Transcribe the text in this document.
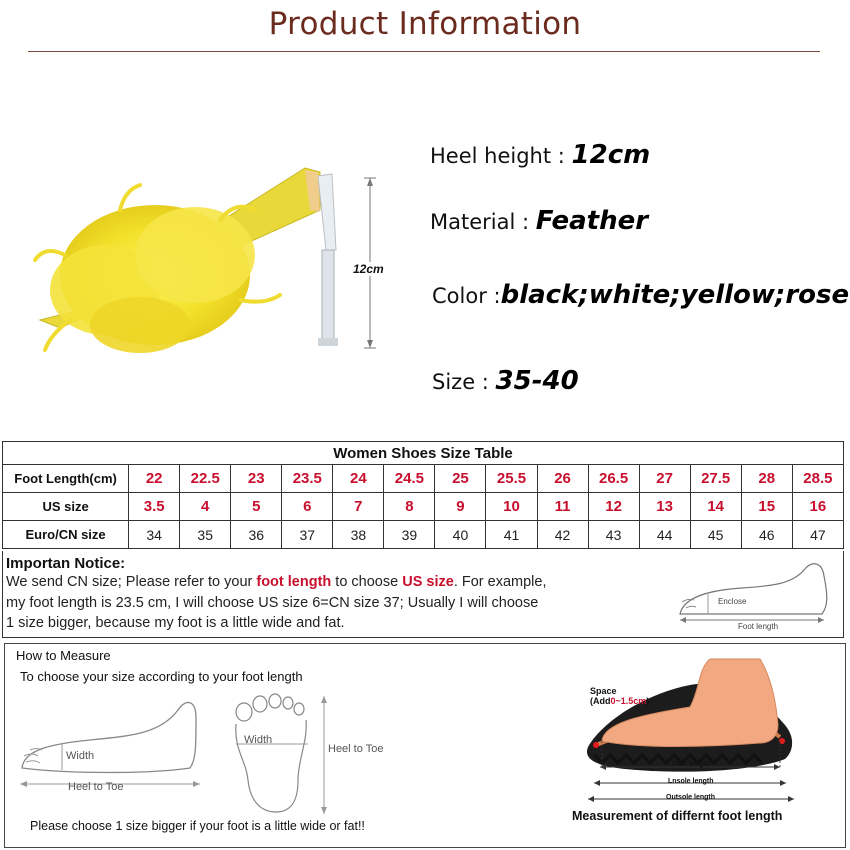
Product Information
12cm
Heel height : 12cm
Material : Feather
Color :black;white;yellow;rose
Size : 35-40
Women Shoes Size Table														
Foot Length(cm)	22	22.5	23	23.5	24	24.5	25	25.5	26	26.5	27	27.5	28	28.5
US size	3.5	4	5	6	7	8	9	10	11	12	13	14	15	16
Euro/CN size	34	35	36	37	38	39	40	41	42	43	44	45	46	47
Importan Notice:
We send CN size; Please refer to your foot length to choose US size. For example,
my foot length is 23.5 cm, I will choose US size 6=CN size 37; Usually I will choose
1 size bigger, because my foot is a little wide and fat.
Enclose
Foot length
How to Measure
To choose your size according to your foot length
Width
Heel to Toe
Width
Heel to Toe
Please choose 1 size bigger if your foot is a little wide or fat!!
Space
(Add0~1.5cm)
Foot length
Lnsole length
Outsole length
Measurement of differnt foot length
